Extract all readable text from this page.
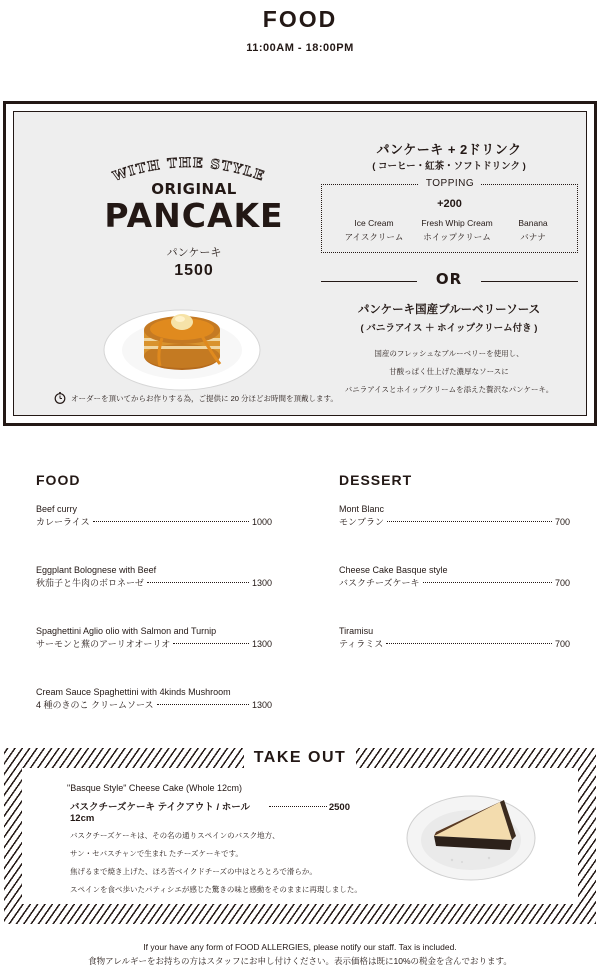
FOOD
11:00AM - 18:00PM
WITH THE STYLE
ORIGINAL
PANCAKE
パンケーキ
1500
オーダーを頂いてからお作りする為，ご提供に 20 分ほどお時間を頂戴します。
パンケーキ + 2ドリンク
( コーヒー・紅茶・ソフトドリンク )
TOPPING
+200
Ice Cream
アイスクリーム
Fresh Whip Cream
ホイップクリーム
Banana
バナナ
OR
パンケーキ国産ブルーベリーソース
( バニラアイス ＋ ホイップクリーム付き )
国産のフレッシュなブルーベリーを使用し、
甘酸っぱく仕上げた濃厚なソースに
バニラアイスとホイップクリームを添えた贅沢なパンケーキ。
FOOD
Beef curry
カレーライス	1000
Eggplant Bolognese with Beef
秋茄子と牛肉のボロネーゼ	1300
Spaghettini Aglio olio with Salmon and Turnip
サーモンと蕪のアーリオオーリオ	1300
Cream Sauce Spaghettini with 4kinds Mushroom
4 種のきのこ クリームソース	1300
DESSERT
Mont Blanc
モンブラン	700
Cheese Cake Basque style
バスクチーズケーキ	700
Tiramisu
ティラミス	700
TAKE OUT
"Basque Style" Cheese Cake (Whole 12cm)
バスクチーズケーキ テイクアウト / ホール12cm
2500
バスクチーズケーキは、その名の通りスペインのバスク地方、
サン・セバスチャンで生まれ たチーズケーキです。
焦げるまで焼き上げた、ほろ苦ベイクドチーズの中はとろとろで滑らか。
スペインを食べ歩いたパティシエが感じた驚きの味と感動をそのままに再現しました。
If your have any form of FOOD ALLERGIES, please notify our staff. Tax is included.
食物アレルギーをお持ちの方はスタッフにお申し付けください。表示価格は既に10%の税金を含んでおります。
